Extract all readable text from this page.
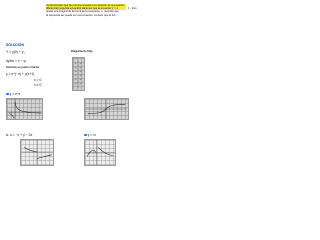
ha demostrado que [tu primera ecuación] es solución de la ecuación
diferencial [segunda ecuación] sabemos que la ecuación y' = 1
quede una integral de la forma de la respuesta. n. recordar que
la respuesta así puede ser una ecuación, es decir que la fun...
1 - 2x/e
SOLUCIÓN
Y = y(0) + y₁
dy/dx = x − y²
Solución en punto el factor
y = e^(−x) + c(x+1)
x > 0
x ≠ 0
Diagrama de flujo
y = e^x
a. u = −x + y − 3x	y = x²
